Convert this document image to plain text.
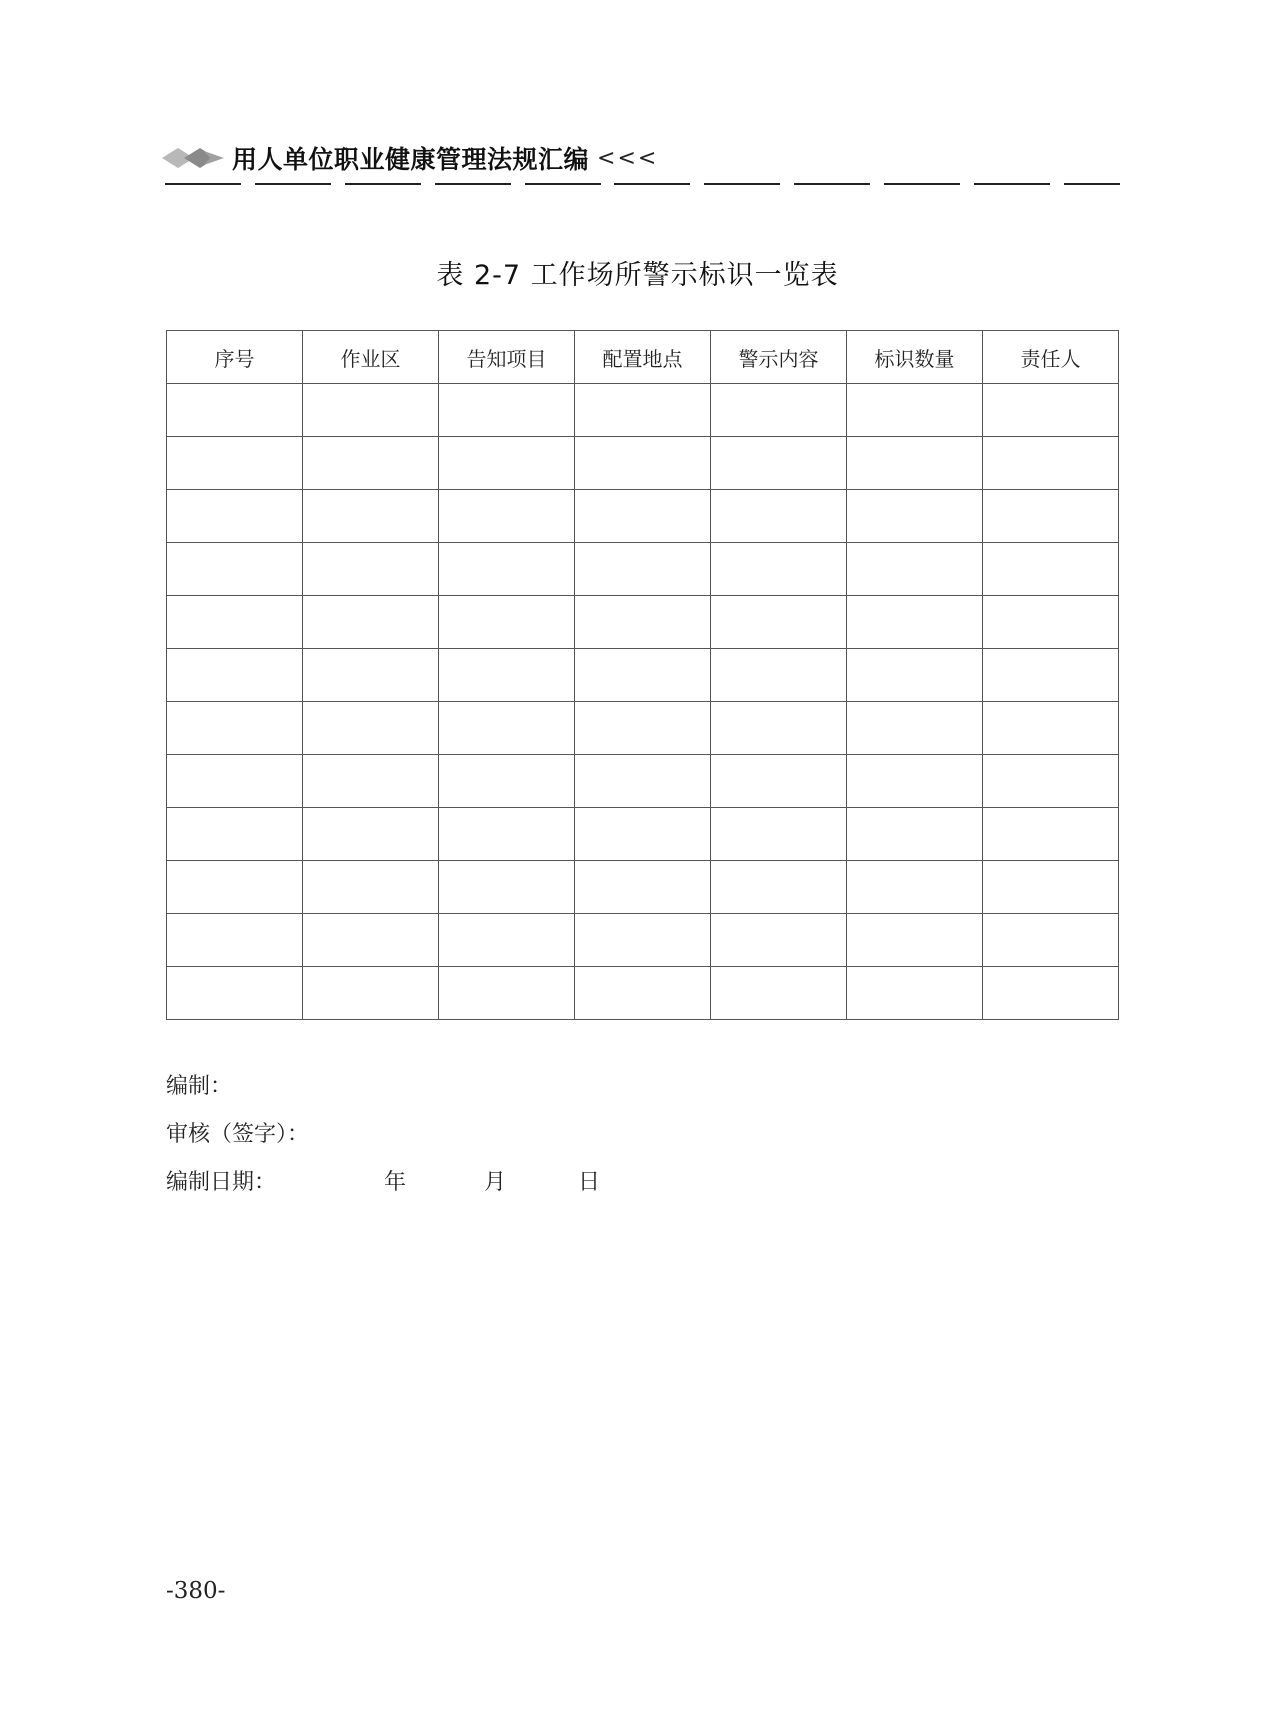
用人单位职业健康管理法规汇编 <<<
表 2-7 工作场所警示标识一览表
序号	作业区	告知项目	配置地点	警示内容	标识数量	责任人

编制：
审核（签字）：
编制日期：	年	月	日
-380-
